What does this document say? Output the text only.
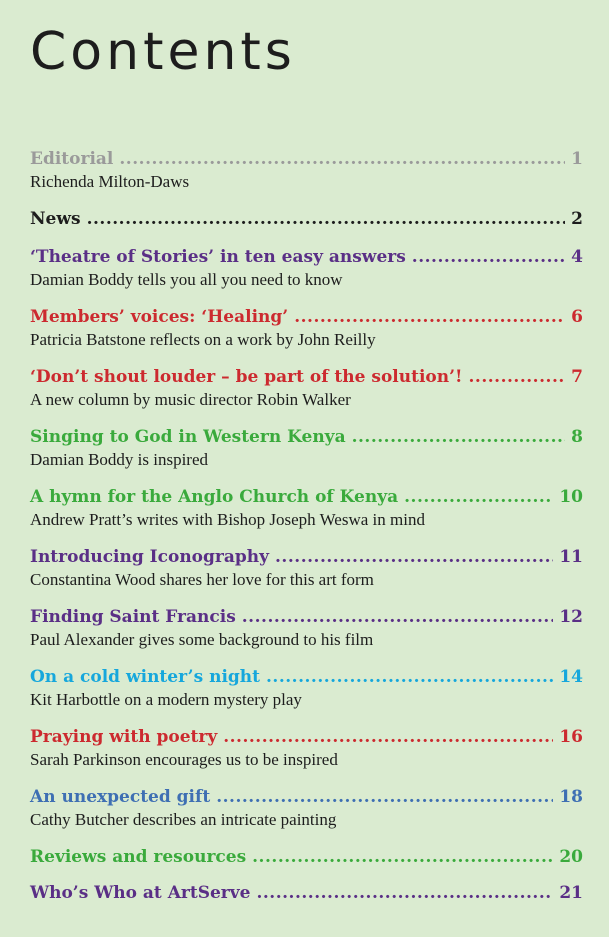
Contents
Editorial .....	1
Richenda Milton-Daws
News .....	2
‘Theatre of Stories’ in ten easy answers .....	4
Damian Boddy tells you all you need to know
Members’ voices: ‘Healing’ .....	6
Patricia Batstone reflects on a work by John Reilly
‘Don’t shout louder – be part of the solution’! .....	7
A new column by music director Robin Walker
Singing to God in Western Kenya .....	8
Damian Boddy is inspired
A hymn for the Anglo Church of Kenya .....	10
Andrew Pratt’s writes with Bishop Joseph Weswa in mind
Introducing Iconography .....	11
Constantina Wood shares her love for this art form
Finding Saint Francis .....	12
Paul Alexander gives some background to his film
On a cold winter’s night .....	14
Kit Harbottle on a modern mystery play
Praying with poetry .....	16
Sarah Parkinson encourages us to be inspired
An unexpected gift .....	18
Cathy Butcher describes an intricate painting
Reviews and resources .....	20
Who’s Who at ArtServe .....	21
